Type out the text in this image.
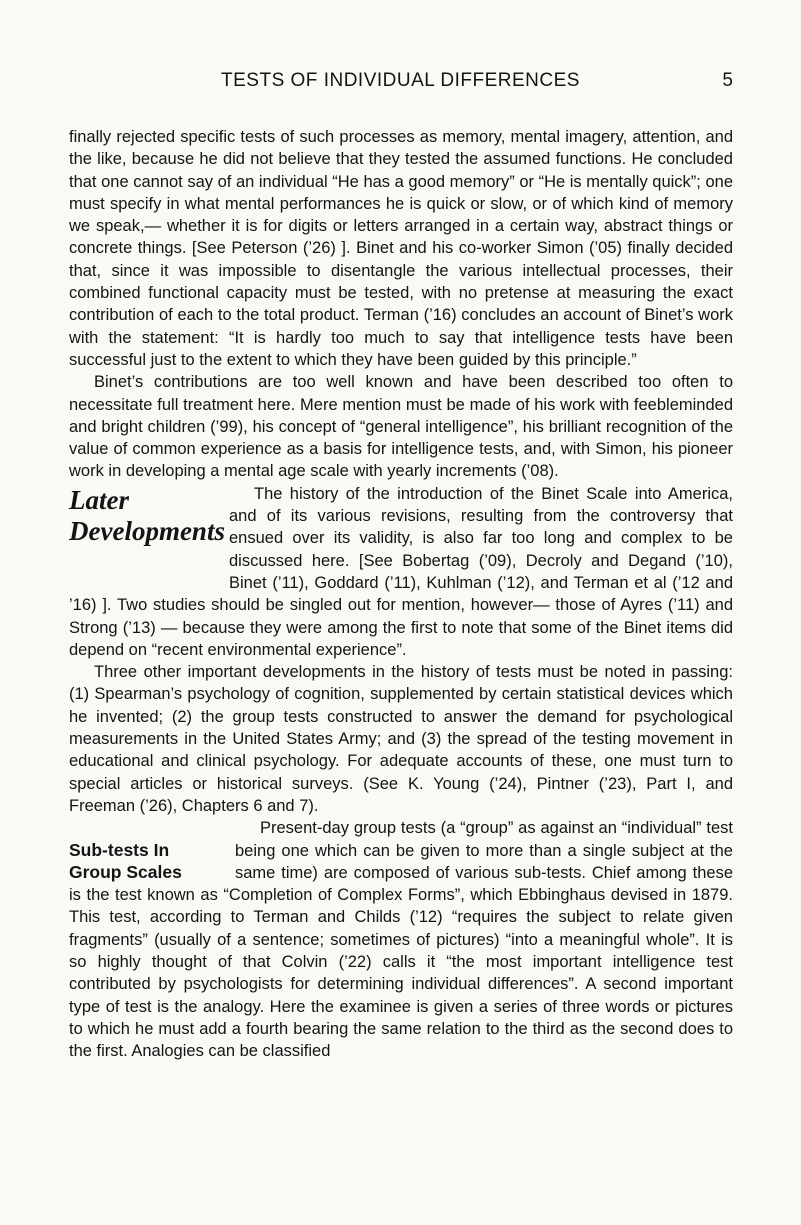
TESTS OF INDIVIDUAL DIFFERENCES	5

finally rejected specific tests of such processes as memory, mental imagery, attention, and the like, because he did not believe that they tested the assumed functions. He concluded that one cannot say of an individual “He has a good memory” or “He is mentally quick”; one must specify in what mental performances he is quick or slow, or of which kind of memory we speak,— whether it is for digits or letters arranged in a certain way, abstract things or concrete things. [See Peterson (’26) ]. Binet and his co-worker Simon (’05) finally decided that, since it was impossible to disentangle the various intellectual processes, their combined functional capacity must be tested, with no pretense at measuring the exact contribution of each to the total product. Terman (’16) concludes an account of Binet’s work with the statement: “It is hardly too much to say that intelligence tests have been successful just to the extent to which they have been guided by this principle.”

Binet’s contributions are too well known and have been described too often to necessitate full treatment here. Mere mention must be made of his work with feebleminded and bright children (’99), his concept of “general intelligence”, his brilliant recognition of the value of common experience as a basis for intelligence tests, and, with Simon, his pioneer work in developing a mental age scale with yearly increments (’08).

Later
Developments
The history of the introduction of the Binet Scale into America, and of its various revisions, resulting from the controversy that ensued over its validity, is also far too long and complex to be discussed here. [See Bobertag (’09), Decroly and Degand (’10), Binet (’11), Goddard (’11), Kuhlman (’12), and Terman et al (’12 and ’16) ]. Two studies should be singled out for mention, however— those of Ayres (’11) and Strong (’13) — because they were among the first to note that some of the Binet items did depend on “recent environmental experience”.

Three other important developments in the history of tests must be noted in passing: (1) Spearman’s psychology of cognition, supplemented by certain statistical devices which he invented; (2) the group tests constructed to answer the demand for psychological measurements in the United States Army; and (3) the spread of the testing movement in educational and clinical psychology. For adequate accounts of these, one must turn to special articles or historical surveys. (See K. Young (’24), Pintner (’23), Part I, and Freeman (’26), Chapters 6 and 7).

Sub-tests In
Group Scales
Present-day group tests (a “group” as against an “individual” test being one which can be given to more than a single subject at the same time) are composed of various sub-tests. Chief among these is the test known as “Completion of Complex Forms”, which Ebbinghaus devised in 1879. This test, according to Terman and Childs (’12) “requires the subject to relate given fragments” (usually of a sentence; sometimes of pictures) “into a meaningful whole”. It is so highly thought of that Colvin (’22) calls it “the most important intelligence test contributed by psychologists for determining individual differences”. A second important type of test is the analogy. Here the examinee is given a series of three words or pictures to which he must add a fourth bearing the same relation to the third as the second does to the first. Analogies can be classified
